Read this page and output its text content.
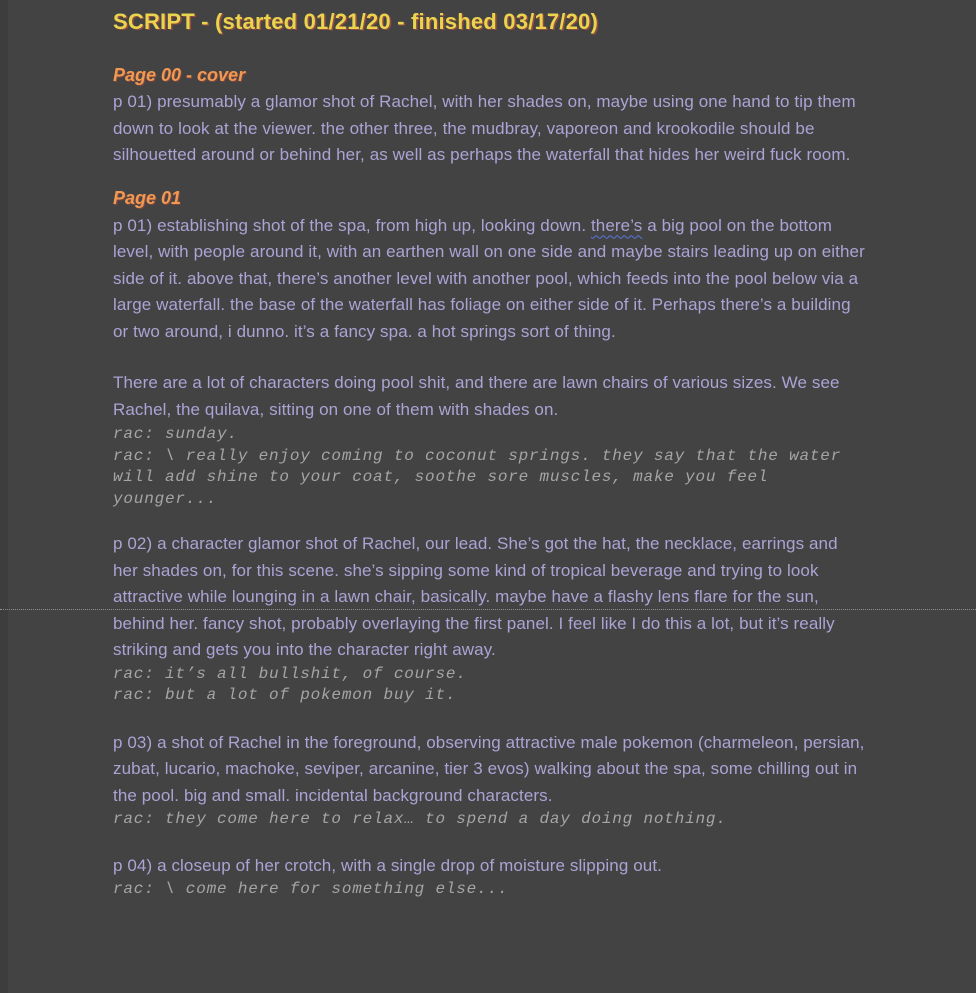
SCRIPT - (started 01/21/20 - finished 03/17/20)
Page 00 - cover
p 01) presumably a glamor shot of Rachel, with her shades on, maybe using one hand to tip them down to look at the viewer. the other three, the mudbray, vaporeon and krookodile should be silhouetted around or behind her, as well as perhaps the waterfall that hides her weird fuck room.
Page 01
p 01) establishing shot of the spa, from high up, looking down. there’s a big pool on the bottom level, with people around it, with an earthen wall on one side and maybe stairs leading up on either side of it. above that, there’s another level with another pool, which feeds into the pool below via a large waterfall. the base of the waterfall has foliage on either side of it. Perhaps there’s a building or two around, i dunno. it’s a fancy spa. a hot springs sort of thing.
There are a lot of characters doing pool shit, and there are lawn chairs of various sizes. We see Rachel, the quilava, sitting on one of them with shades on.
rac: sunday.
rac: \ really enjoy coming to coconut springs. they say that the water will add shine to your coat, soothe sore muscles, make you feel younger...
p 02) a character glamor shot of Rachel, our lead. She’s got the hat, the necklace, earrings and her shades on, for this scene. she’s sipping some kind of tropical beverage and trying to look attractive while lounging in a lawn chair, basically. maybe have a flashy lens flare for the sun, behind her. fancy shot, probably overlaying the first panel. I feel like I do this a lot, but it’s really striking and gets you into the character right away.
rac: it’s all bullshit, of course.
rac: but a lot of pokemon buy it.
p 03) a shot of Rachel in the foreground, observing attractive male pokemon (charmeleon, persian, zubat, lucario, machoke, seviper, arcanine, tier 3 evos) walking about the spa, some chilling out in the pool. big and small. incidental background characters.
rac: they come here to relax… to spend a day doing nothing.
p 04) a closeup of her crotch, with a single drop of moisture slipping out.
rac: \ come here for something else...
